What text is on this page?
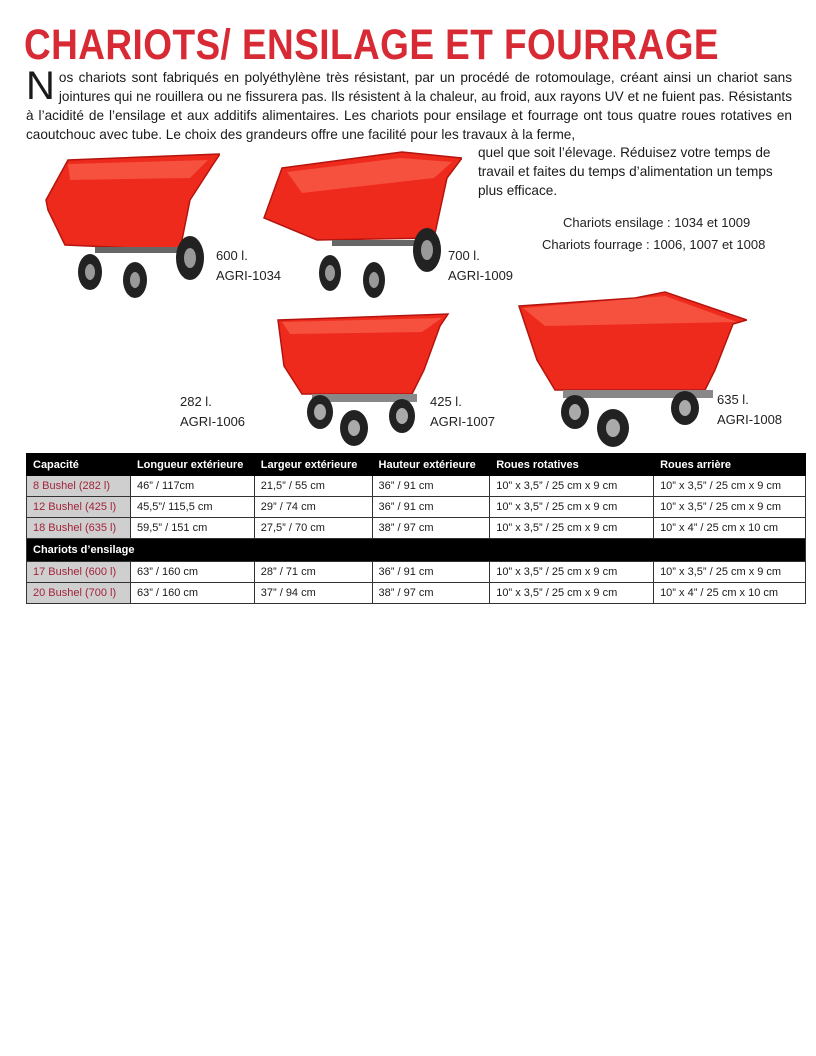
CHARIOTS/ ENSILAGE ET FOURRAGE

Nos chariots sont fabriqués en polyéthylène très résistant, par un procédé de rotomoulage, créant ainsi un chariot sans jointures qui ne rouillera ou ne fissurera pas. Ils résistent à la chaleur, au froid, aux rayons UV et ne fuient pas. Résistants à l’acidité de l’ensilage et aux additifs alimentaires. Les chariots pour ensilage et fourrage ont tous quatre roues rotatives en caoutchouc avec tube. Le choix des grandeurs offre une facilité pour les travaux à la ferme,

quel que soit l’élevage. Réduisez votre temps de travail et faites du temps d’alimentation un temps plus efficace.

Chariots ensilage : 1034 et 1009
Chariots fourrage : 1006, 1007 et 1008
600 l.
AGRI-1034
700 l.
AGRI-1009
282 l.
AGRI-1006
425 l.
AGRI-1007
635 l.
AGRI-1008
Capacité	Longueur extérieure	Largeur extérieure	Hauteur extérieure	Roues rotatives	Roues arrière
8 Bushel (282 l)	46” / 117cm	21,5” / 55 cm	36” / 91 cm	10” x 3,5” / 25 cm x 9 cm	10” x 3,5” / 25 cm x 9 cm
12 Bushel (425 l)	45,5”/ 115,5 cm	29” / 74 cm	36” / 91 cm	10” x 3,5” / 25 cm x 9 cm	10” x 3,5” / 25 cm x 9 cm
18 Bushel (635 l)	59,5” / 151 cm	27,5” / 70 cm	38” / 97 cm	10” x 3,5” / 25 cm x 9 cm	10” x 4” / 25 cm x 10 cm
Chariots d’ensilage					
17 Bushel (600 l)	63” / 160 cm	28” / 71 cm	36” / 91 cm	10” x 3,5” / 25 cm x 9 cm	10” x 3,5” / 25 cm x 9 cm
20 Bushel (700 l)	63” / 160 cm	37” / 94 cm	38” / 97 cm	10” x 3,5” / 25 cm x 9 cm	10” x 4” / 25 cm x 10 cm
